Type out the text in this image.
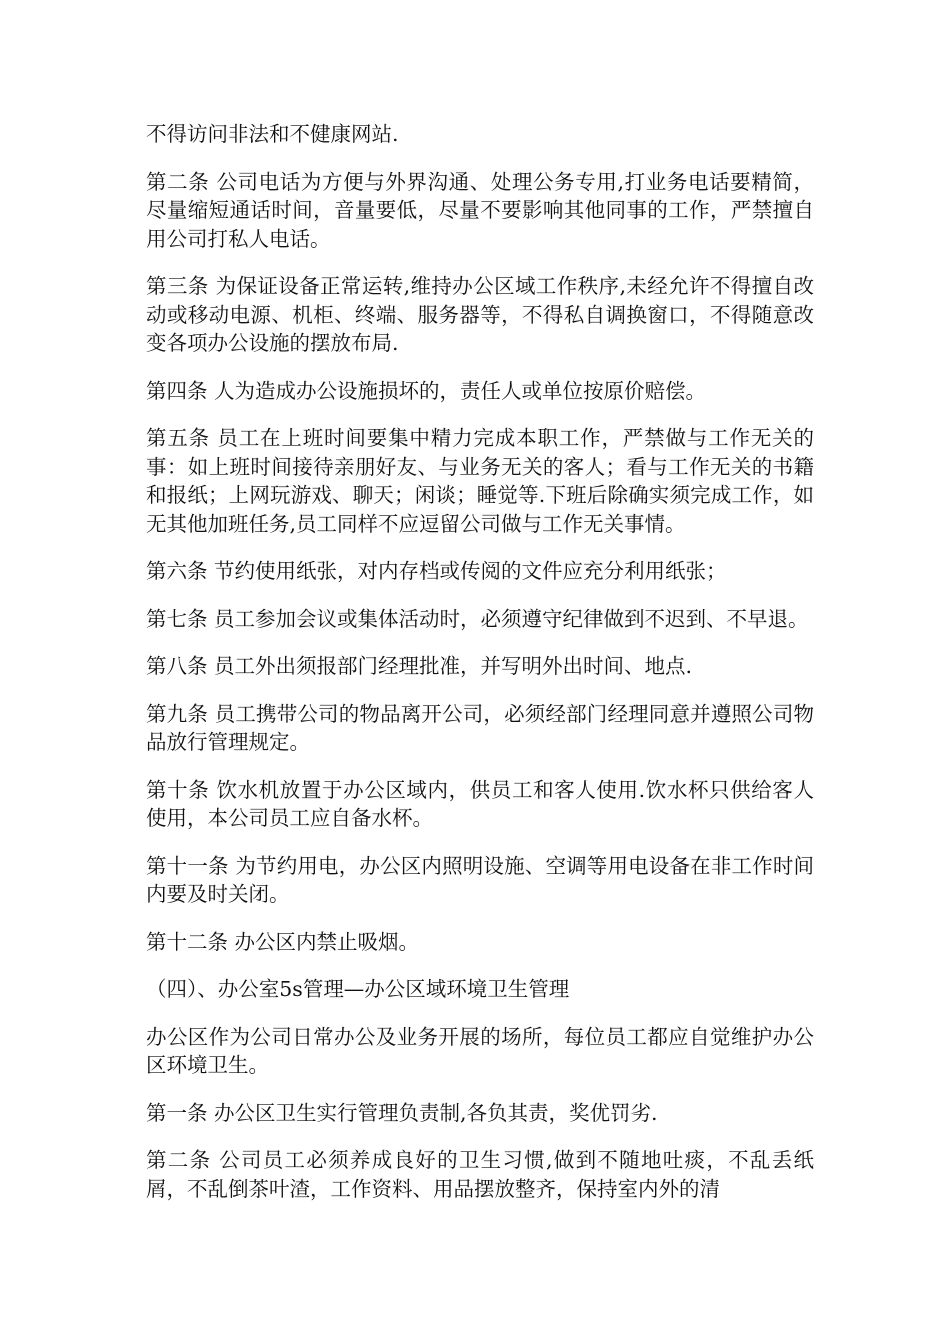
不得访问非法和不健康网站.

第二条 公司电话为方便与外界沟通、处理公务专用,打业务电话要精简，尽量缩短通话时间，音量要低，尽量不要影响其他同事的工作，严禁擅自用公司打私人电话。

第三条 为保证设备正常运转,维持办公区域工作秩序,未经允许不得擅自改动或移动电源、机柜、终端、服务器等，不得私自调换窗口，不得随意改变各项办公设施的摆放布局.

第四条 人为造成办公设施损坏的，责任人或单位按原价赔偿。

第五条 员工在上班时间要集中精力完成本职工作，严禁做与工作无关的事：如上班时间接待亲朋好友、与业务无关的客人；看与工作无关的书籍和报纸；上网玩游戏、聊天；闲谈；睡觉等.下班后除确实须完成工作，如无其他加班任务,员工同样不应逗留公司做与工作无关事情。

第六条 节约使用纸张，对内存档或传阅的文件应充分利用纸张；

第七条 员工参加会议或集体活动时，必须遵守纪律做到不迟到、不早退。

第八条 员工外出须报部门经理批准，并写明外出时间、地点.

第九条 员工携带公司的物品离开公司，必须经部门经理同意并遵照公司物品放行管理规定。

第十条 饮水机放置于办公区域内，供员工和客人使用.饮水杯只供给客人使用，本公司员工应自备水杯。

第十一条 为节约用电，办公区内照明设施、空调等用电设备在非工作时间内要及时关闭。

第十二条 办公区内禁止吸烟。

（四）、办公室5s管理—办公区域环境卫生管理

办公区作为公司日常办公及业务开展的场所，每位员工都应自觉维护办公区环境卫生。

第一条 办公区卫生实行管理负责制,各负其责，奖优罚劣.

第二条 公司员工必须养成良好的卫生习惯,做到不随地吐痰，不乱丢纸屑，不乱倒茶叶渣，工作资料、用品摆放整齐，保持室内外的清
